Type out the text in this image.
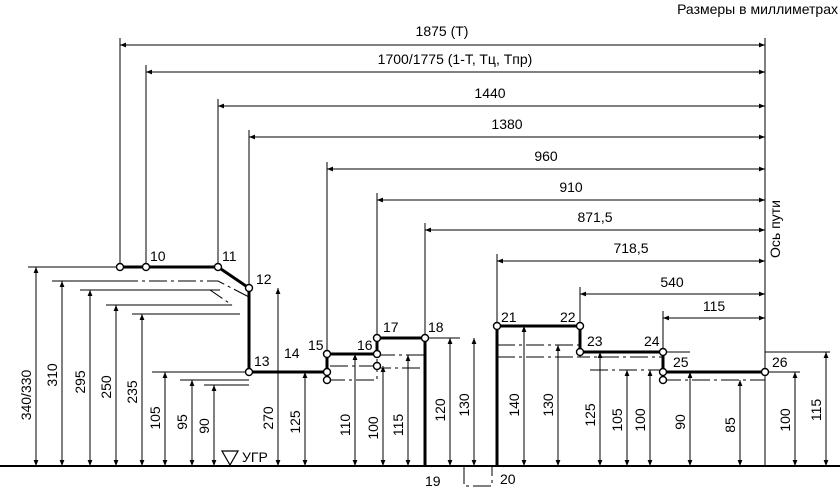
Размеры в миллиметрах
Ось пути
1875 (T)
1700/1775 (1-T, Tц, Tпр)
1440
1380
960
910
871,5
718,5
540
115
340/330 310 295 250 235
105 95 90	270 125 110 100 115
120 130 140 130 125 105 100 90 85	100 115
УГР
10	11
12
13 14 15 16
17 18
19	20
21	22
23	24
25	26
